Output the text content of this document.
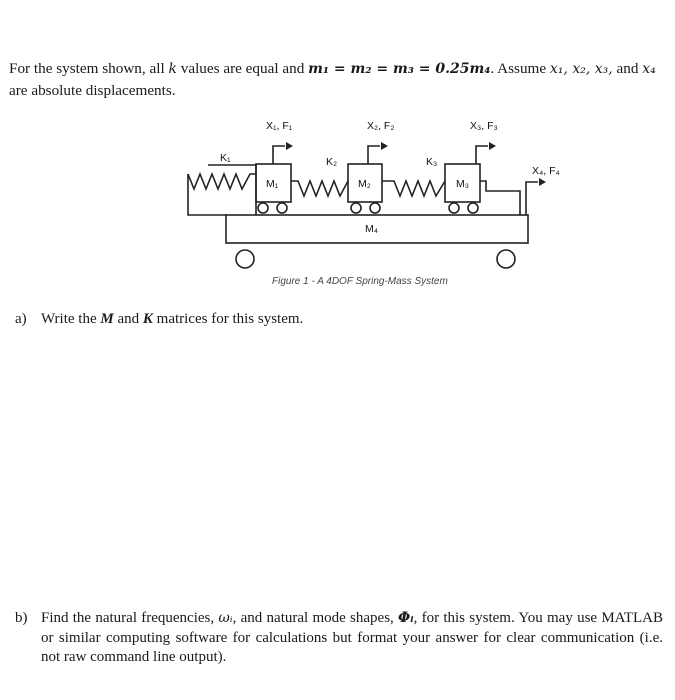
For the system shown, all k values are equal and m₁ = m₂ = m₃ = 0.25m₄. Assume x₁, x₂, x₃, and x₄ are absolute displacements.
X₁, F₁	X₂, F₂	X₃, F₃
X₄, F₄
K₁	K₂	K₃
M₁	M₂	M₃
M₄
Figure 1 - A 4DOF Spring-Mass System
a) Write the M and K matrices for this system.
b) Find the natural frequencies, ωᵢ, and natural mode shapes, Φᵢ, for this system. You may use MATLAB or similar computing software for calculations but format your answer for clear communication (i.e. not raw command line output).
